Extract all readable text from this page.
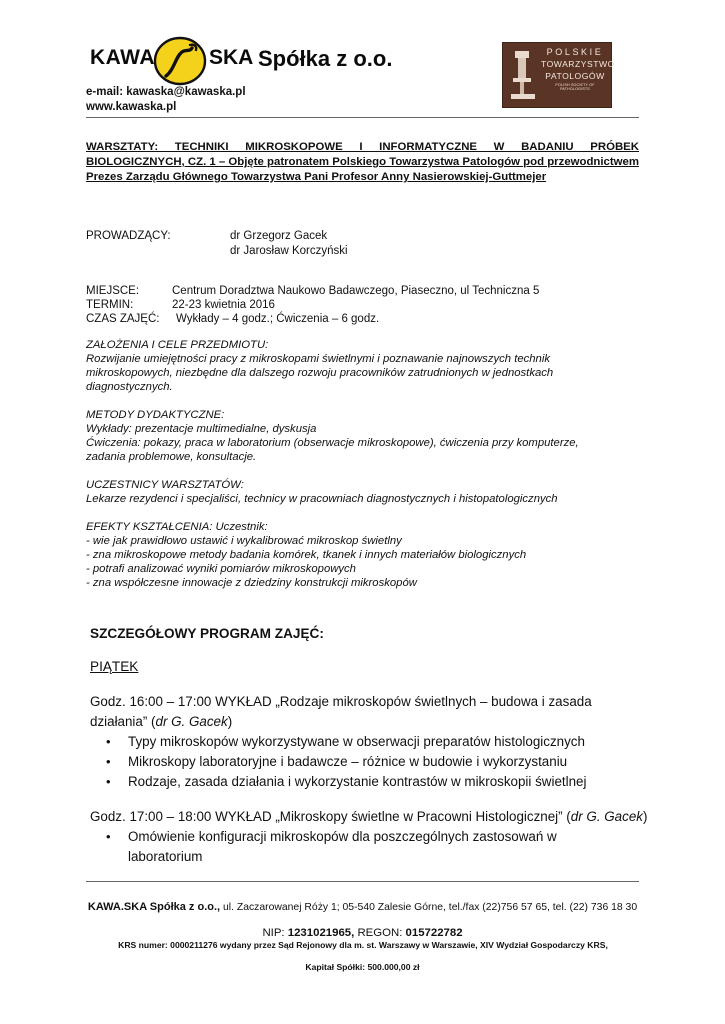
KAWA	SKA Spółka z o.o.
e-mail: kawaska@kawaska.pl
www.kawaska.pl
POLSKIE
TOWARZYSTWO
PATOLOGÓW
POLISH SOCIETY OF PATHOLOGISTS
WARSZTATY: TECHNIKI MIKROSKOPOWE I INFORMATYCZNE W BADANIU PRÓBEK BIOLOGICZNYCH, CZ. 1 – Objęte patronatem Polskiego Towarzystwa Patologów pod przewodnictwem Prezes Zarządu Głównego Towarzystwa Pani Profesor Anny Nasierowskiej-Guttmejer
PROWADZĄCY:	dr Grzegorz Gacek
dr Jarosław Korczyński
MIEJSCE:	Centrum Doradztwa Naukowo Badawczego, Piaseczno, ul Techniczna 5
TERMIN:	22-23 kwietnia 2016
CZAS ZAJĘĆ: Wykłady – 4 godz.; Ćwiczenia – 6 godz.
ZAŁOŻENIA I CELE PRZEDMIOTU:
Rozwijanie umiejętności pracy z mikroskopami świetlnymi i poznawanie najnowszych technik
mikroskopowych, niezbędne dla dalszego rozwoju pracowników zatrudnionych w jednostkach
diagnostycznych.
METODY DYDAKTYCZNE:
Wykłady: prezentacje multimedialne, dyskusja
Ćwiczenia: pokazy, praca w laboratorium (obserwacje mikroskopowe), ćwiczenia przy komputerze,
zadania problemowe, konsultacje.
UCZESTNICY WARSZTATÓW:
Lekarze rezydenci i specjaliści, technicy w pracowniach diagnostycznych i histopatologicznych
EFEKTY KSZTAŁCENIA: Uczestnik:
- wie jak prawidłowo ustawić i wykalibrować mikroskop świetlny
- zna mikroskopowe metody badania komórek, tkanek i innych materiałów biologicznych
- potrafi analizować wyniki pomiarów mikroskopowych
- zna współczesne innowacje z dziedziny konstrukcji mikroskopów
SZCZEGÓŁOWY PROGRAM ZAJĘĆ:
PIĄTEK
Godz. 16:00 – 17:00 WYKŁAD „Rodzaje mikroskopów świetlnych – budowa i zasada
działania” (dr G. Gacek)
• Typy mikroskopów wykorzystywane w obserwacji preparatów histologicznych
• Mikroskopy laboratoryjne i badawcze – różnice w budowie i wykorzystaniu
• Rodzaje, zasada działania i wykorzystanie kontrastów w mikroskopii świetlnej
Godz. 17:00 – 18:00 WYKŁAD „Mikroskopy świetlne w Pracowni Histologicznej” (dr G. Gacek)
• Omówienie konfiguracji mikroskopów dla poszczególnych zastosowań w laboratorium
KAWA.SKA Spółka z o.o., ul. Zaczarowanej Róży 1; 05-540 Zalesie Górne, tel./fax (22)756 57 65, tel. (22) 736 18 30
NIP: 1231021965, REGON: 015722782
KRS numer: 0000211276 wydany przez Sąd Rejonowy dla m. st. Warszawy w Warszawie, XIV Wydział Gospodarczy KRS,
Kapitał Spółki: 500.000,00 zł
